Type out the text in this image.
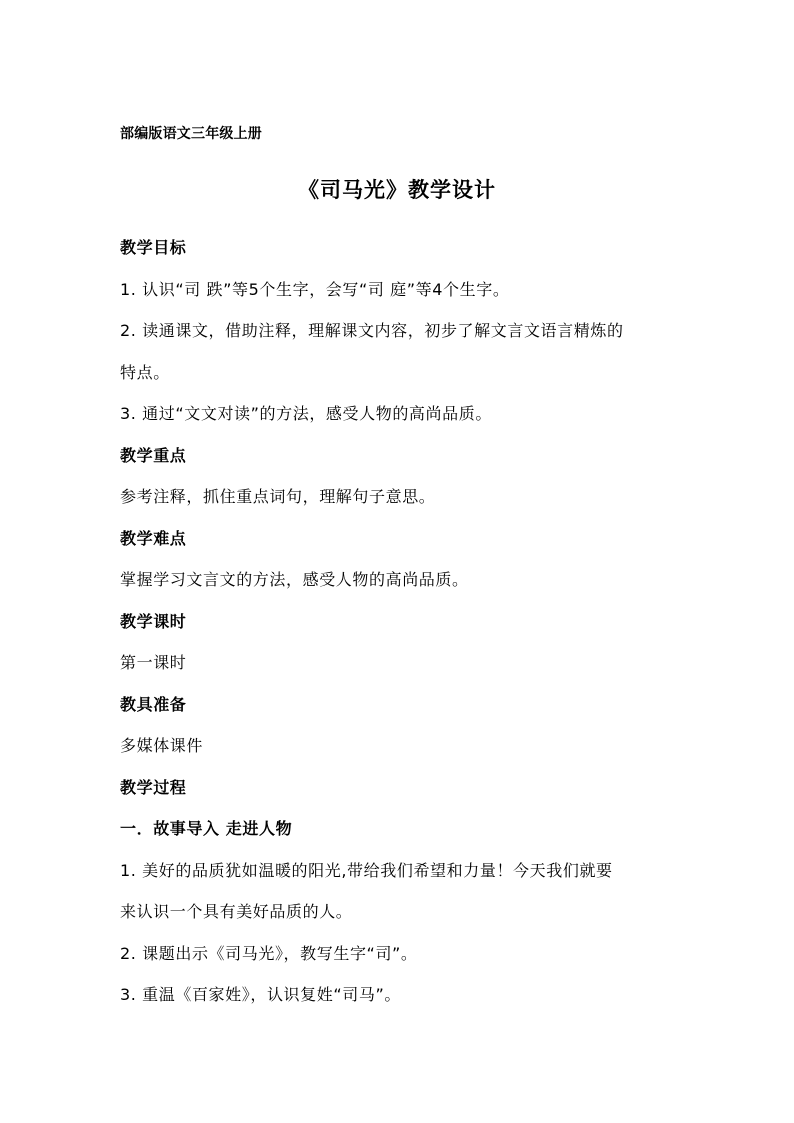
部编版语文三年级上册
《司马光》教学设计
教学目标
1. 认识“司 跌”等5个生字，会写“司 庭”等4个生字。
2. 读通课文，借助注释，理解课文内容，初步了解文言文语言精炼的
特点。
3. 通过“文文对读”的方法，感受人物的高尚品质。
教学重点
参考注释，抓住重点词句，理解句子意思。
教学难点
掌握学习文言文的方法，感受人物的高尚品质。
教学课时
第一课时
教具准备
多媒体课件
教学过程
一．故事导入 走进人物
1. 美好的品质犹如温暖的阳光,带给我们希望和力量！今天我们就要
来认识一个具有美好品质的人。
2. 课题出示《司马光》，教写生字“司”。
3. 重温《百家姓》，认识复姓“司马”。
